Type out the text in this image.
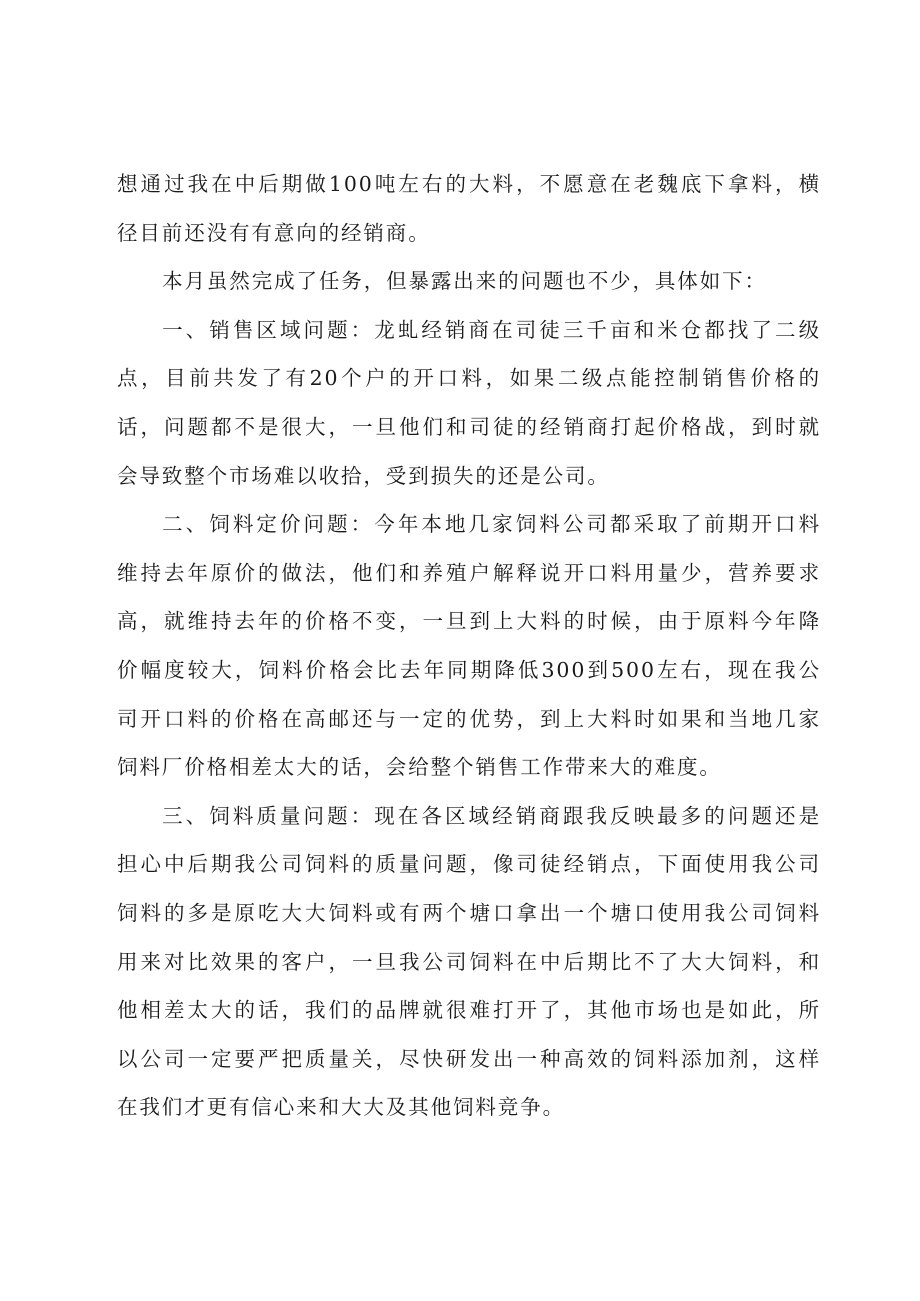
想通过我在中后期做100吨左右的大料，不愿意在老魏底下拿料，横
径目前还没有有意向的经销商。

本月虽然完成了任务，但暴露出来的问题也不少，具体如下：

一、销售区域问题：龙虬经销商在司徒三千亩和米仓都找了二级
点，目前共发了有20个户的开口料，如果二级点能控制销售价格的
话，问题都不是很大，一旦他们和司徒的经销商打起价格战，到时就
会导致整个市场难以收拾，受到损失的还是公司。

二、饲料定价问题：今年本地几家饲料公司都采取了前期开口料
维持去年原价的做法，他们和养殖户解释说开口料用量少，营养要求
高，就维持去年的价格不变，一旦到上大料的时候，由于原料今年降
价幅度较大，饲料价格会比去年同期降低300到500左右，现在我公
司开口料的价格在高邮还与一定的优势，到上大料时如果和当地几家
饲料厂价格相差太大的话，会给整个销售工作带来大的难度。

三、饲料质量问题：现在各区域经销商跟我反映最多的问题还是
担心中后期我公司饲料的质量问题，像司徒经销点，下面使用我公司
饲料的多是原吃大大饲料或有两个塘口拿出一个塘口使用我公司饲料
用来对比效果的客户，一旦我公司饲料在中后期比不了大大饲料，和
他相差太大的话，我们的品牌就很难打开了，其他市场也是如此，所
以公司一定要严把质量关，尽快研发出一种高效的饲料添加剂，这样
在我们才更有信心来和大大及其他饲料竞争。
